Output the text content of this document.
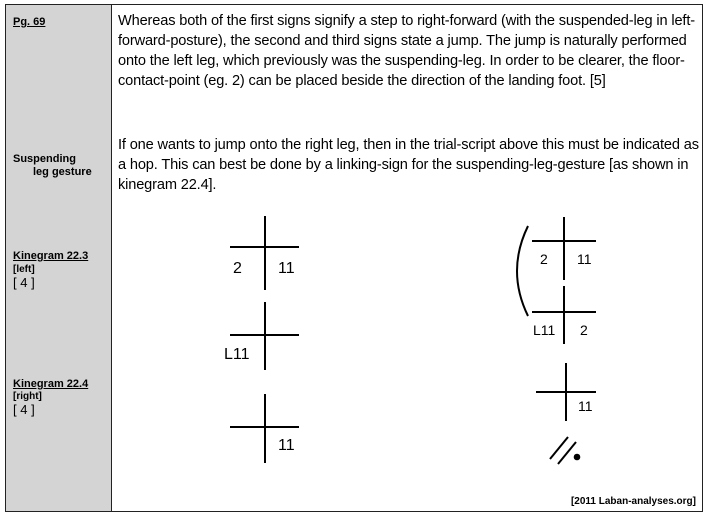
Pg. 69
Suspending
leg gesture
Kinegram 22.3
[left]
[ 4 ]
Kinegram 22.4
[right]
[ 4 ]
Whereas both of the first signs signify a step to right-forward (with the suspended-leg in left-forward-posture), the second and third signs state a jump. The jump is naturally performed onto the left leg, which previously was the suspending-leg. In order to be clearer, the floor-contact-point (eg. 2) can be placed beside the direction of the landing foot. [5]
If one wants to jump onto the right leg, then in the trial-script above this must be indicated as a hop. This can best be done by a linking-sign for the suspending-leg-gesture [as shown in kinegram 22.4].
2 11
L11
11
2 11
L11 2
11
[2011 Laban-analyses.org]
